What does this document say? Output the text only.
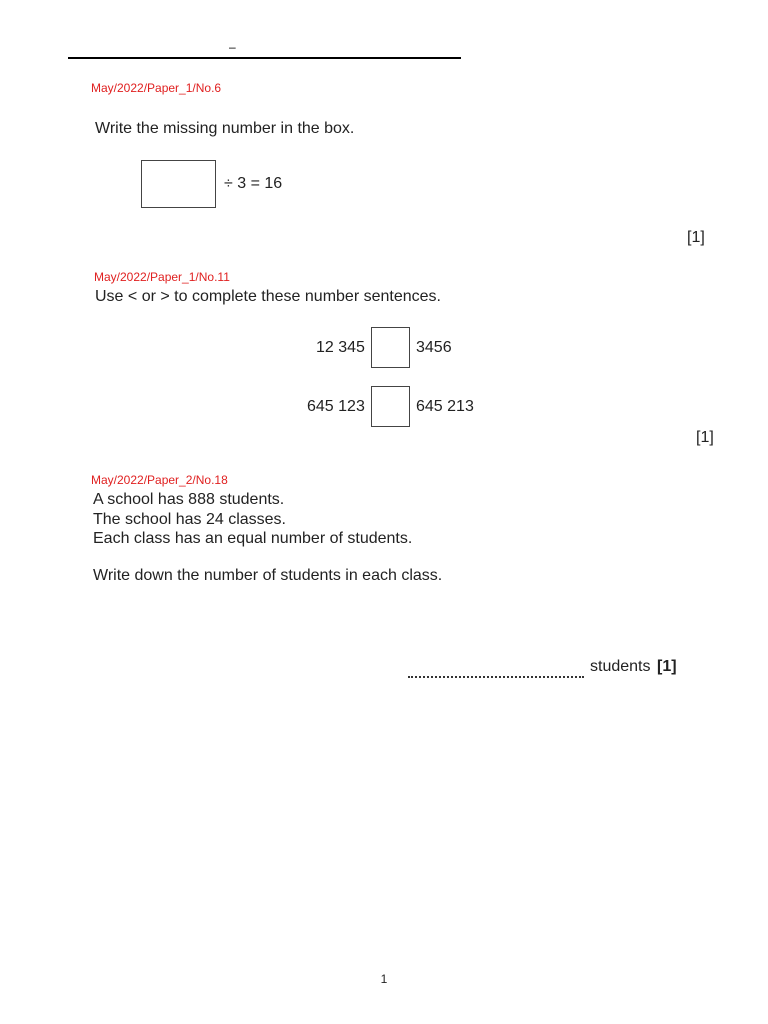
–
May/2022/Paper_1/No.6
Write the missing number in the box.
÷ 3 = 16
[1]
May/2022/Paper_1/No.11
Use < or > to complete these number sentences.
12 345	3456
645 123	645 213
[1]
May/2022/Paper_2/No.18
A school has 888 students.
The school has 24 classes.
Each class has an equal number of students.
Write down the number of students in each class.
students [1]
1
